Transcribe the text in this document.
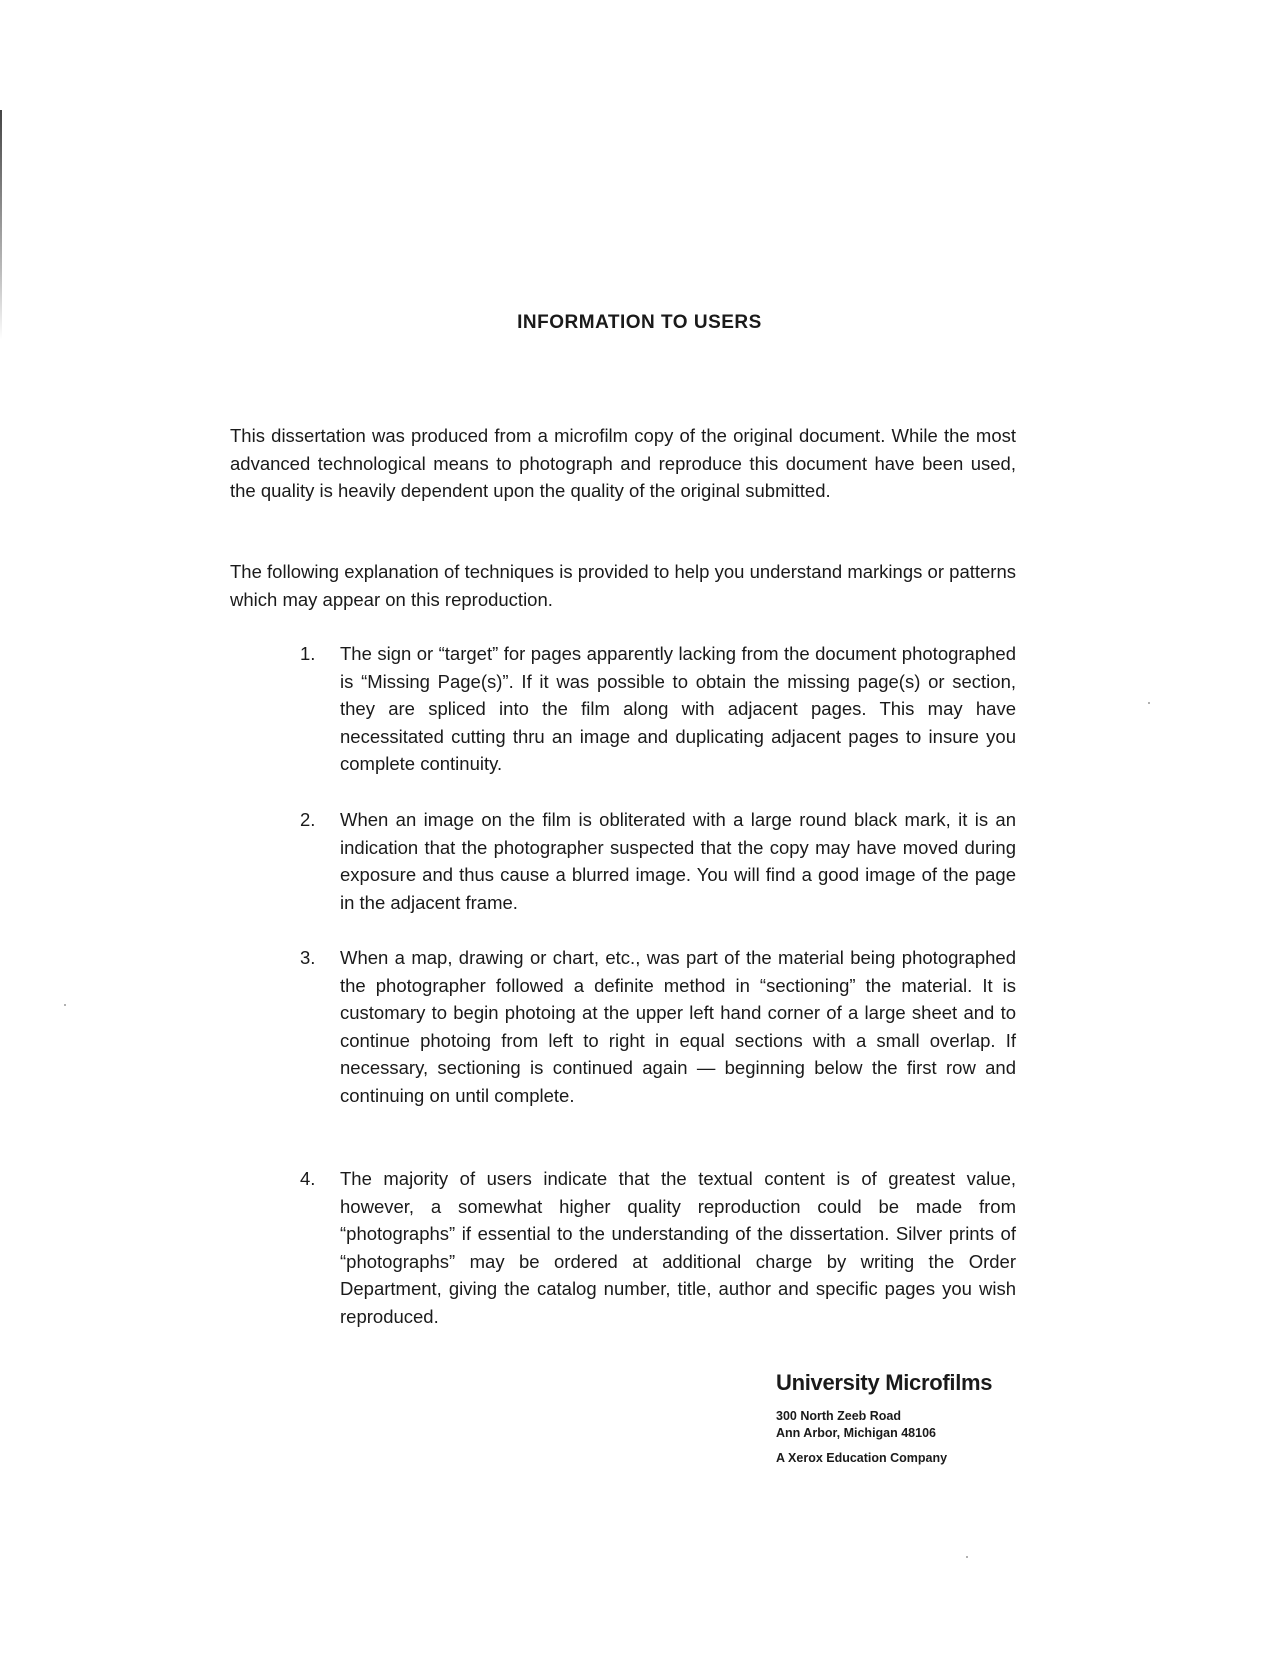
INFORMATION TO USERS

This dissertation was produced from a microfilm copy of the original document. While the most advanced technological means to photograph and reproduce this document have been used, the quality is heavily dependent upon the quality of the original submitted.

The following explanation of techniques is provided to help you understand markings or patterns which may appear on this reproduction.

1.	The sign or “target” for pages apparently lacking from the document photographed is “Missing Page(s)”. If it was possible to obtain the missing page(s) or section, they are spliced into the film along with adjacent pages. This may have necessitated cutting thru an image and duplicating adjacent pages to insure you complete continuity.

2.	When an image on the film is obliterated with a large round black mark, it is an indication that the photographer suspected that the copy may have moved during exposure and thus cause a blurred image. You will find a good image of the page in the adjacent frame.

3.	When a map, drawing or chart, etc., was part of the material being photographed the photographer followed a definite method in “sectioning” the material. It is customary to begin photoing at the upper left hand corner of a large sheet and to continue photoing from left to right in equal sections with a small overlap. If necessary, sectioning is continued again — beginning below the first row and continuing on until complete.

4.	The majority of users indicate that the textual content is of greatest value, however, a somewhat higher quality reproduction could be made from “photographs” if essential to the understanding of the dissertation. Silver prints of “photographs” may be ordered at additional charge by writing the Order Department, giving the catalog number, title, author and specific pages you wish reproduced.

University Microfilms

300 North Zeeb Road

Ann Arbor, Michigan 48106

A Xerox Education Company
